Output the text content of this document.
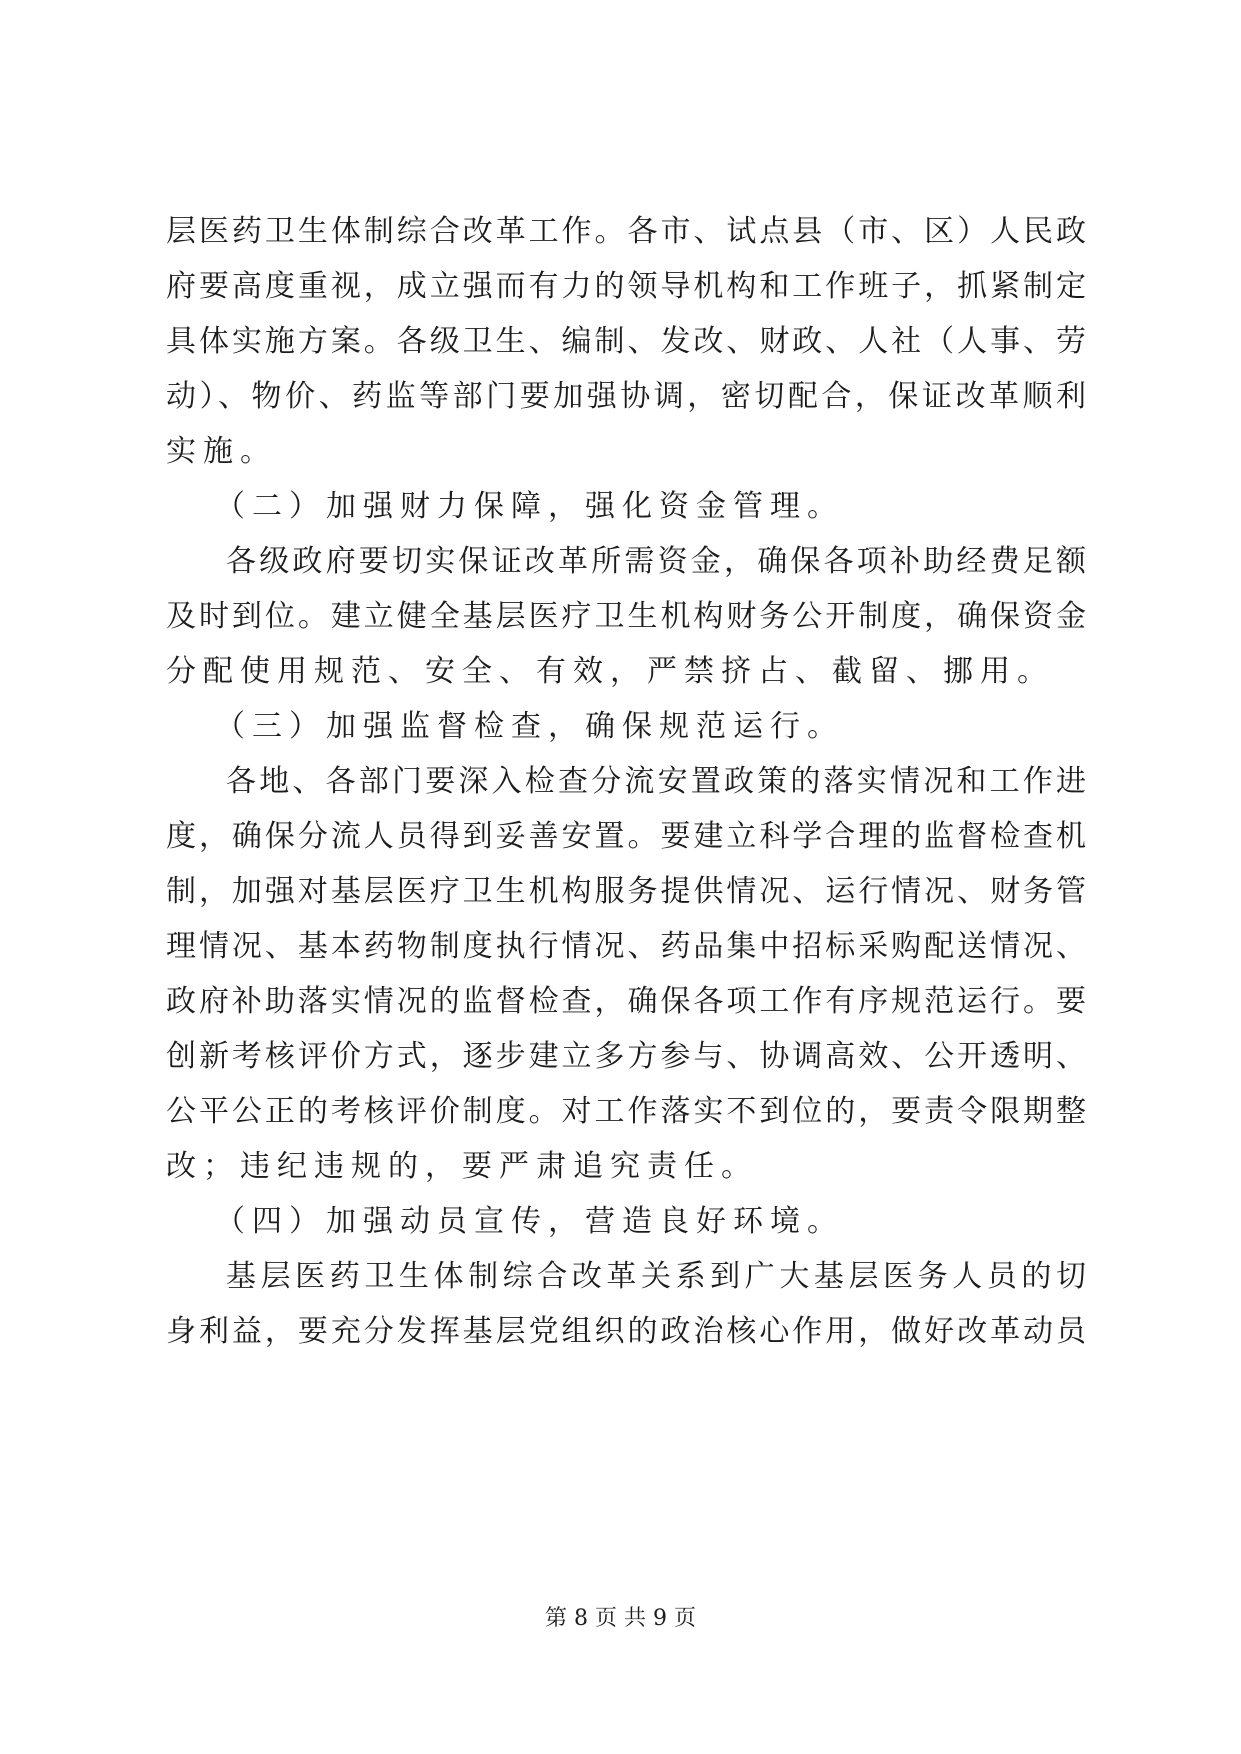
层医药卫生体制综合改革工作。各市、试点县（市、区）人民政
府要高度重视，成立强而有力的领导机构和工作班子，抓紧制定
具体实施方案。各级卫生、编制、发改、财政、人社（人事、劳
动）、物价、药监等部门要加强协调，密切配合，保证改革顺利
实施。
（二）加强财力保障，强化资金管理。
各级政府要切实保证改革所需资金，确保各项补助经费足额
及时到位。建立健全基层医疗卫生机构财务公开制度，确保资金
分配使用规范、安全、有效，严禁挤占、截留、挪用。
（三）加强监督检查，确保规范运行。
各地、各部门要深入检查分流安置政策的落实情况和工作进
度，确保分流人员得到妥善安置。要建立科学合理的监督检查机
制，加强对基层医疗卫生机构服务提供情况、运行情况、财务管
理情况、基本药物制度执行情况、药品集中招标采购配送情况、
政府补助落实情况的监督检查，确保各项工作有序规范运行。要
创新考核评价方式，逐步建立多方参与、协调高效、公开透明、
公平公正的考核评价制度。对工作落实不到位的，要责令限期整
改；违纪违规的，要严肃追究责任。
（四）加强动员宣传，营造良好环境。
基层医药卫生体制综合改革关系到广大基层医务人员的切
身利益，要充分发挥基层党组织的政治核心作用，做好改革动员
第 8 页 共 9 页
